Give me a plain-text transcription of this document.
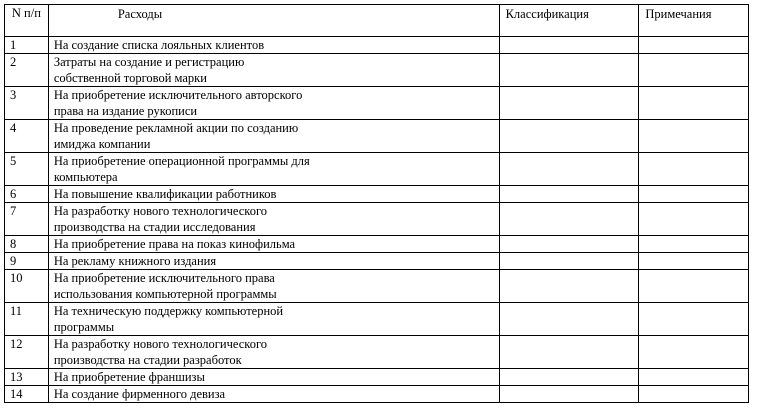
N п/п	Расходы	Классификация	Примечания
1	На создание списка лояльных клиентов		

2	Затраты на создание и регистрацию
собственной торговой марки		

3	На приобретение исключительного авторского
права на издание рукописи		

4	На проведение рекламной акции по созданию
имиджа компании		

5	На приобретение операционной программы для
компьютера		

6	На повышение квалификации работников		

7	На разработку нового технологического
производства на стадии исследования		

8	На приобретение права на показ кинофильма		

9	На рекламу книжного издания		

10	На приобретение исключительного права
использования компьютерной программы		

11	На техническую поддержку компьютерной
программы		

12	На разработку нового технологического
производства на стадии разработок		

13	На приобретение франшизы		

14	На создание фирменного девиза		
